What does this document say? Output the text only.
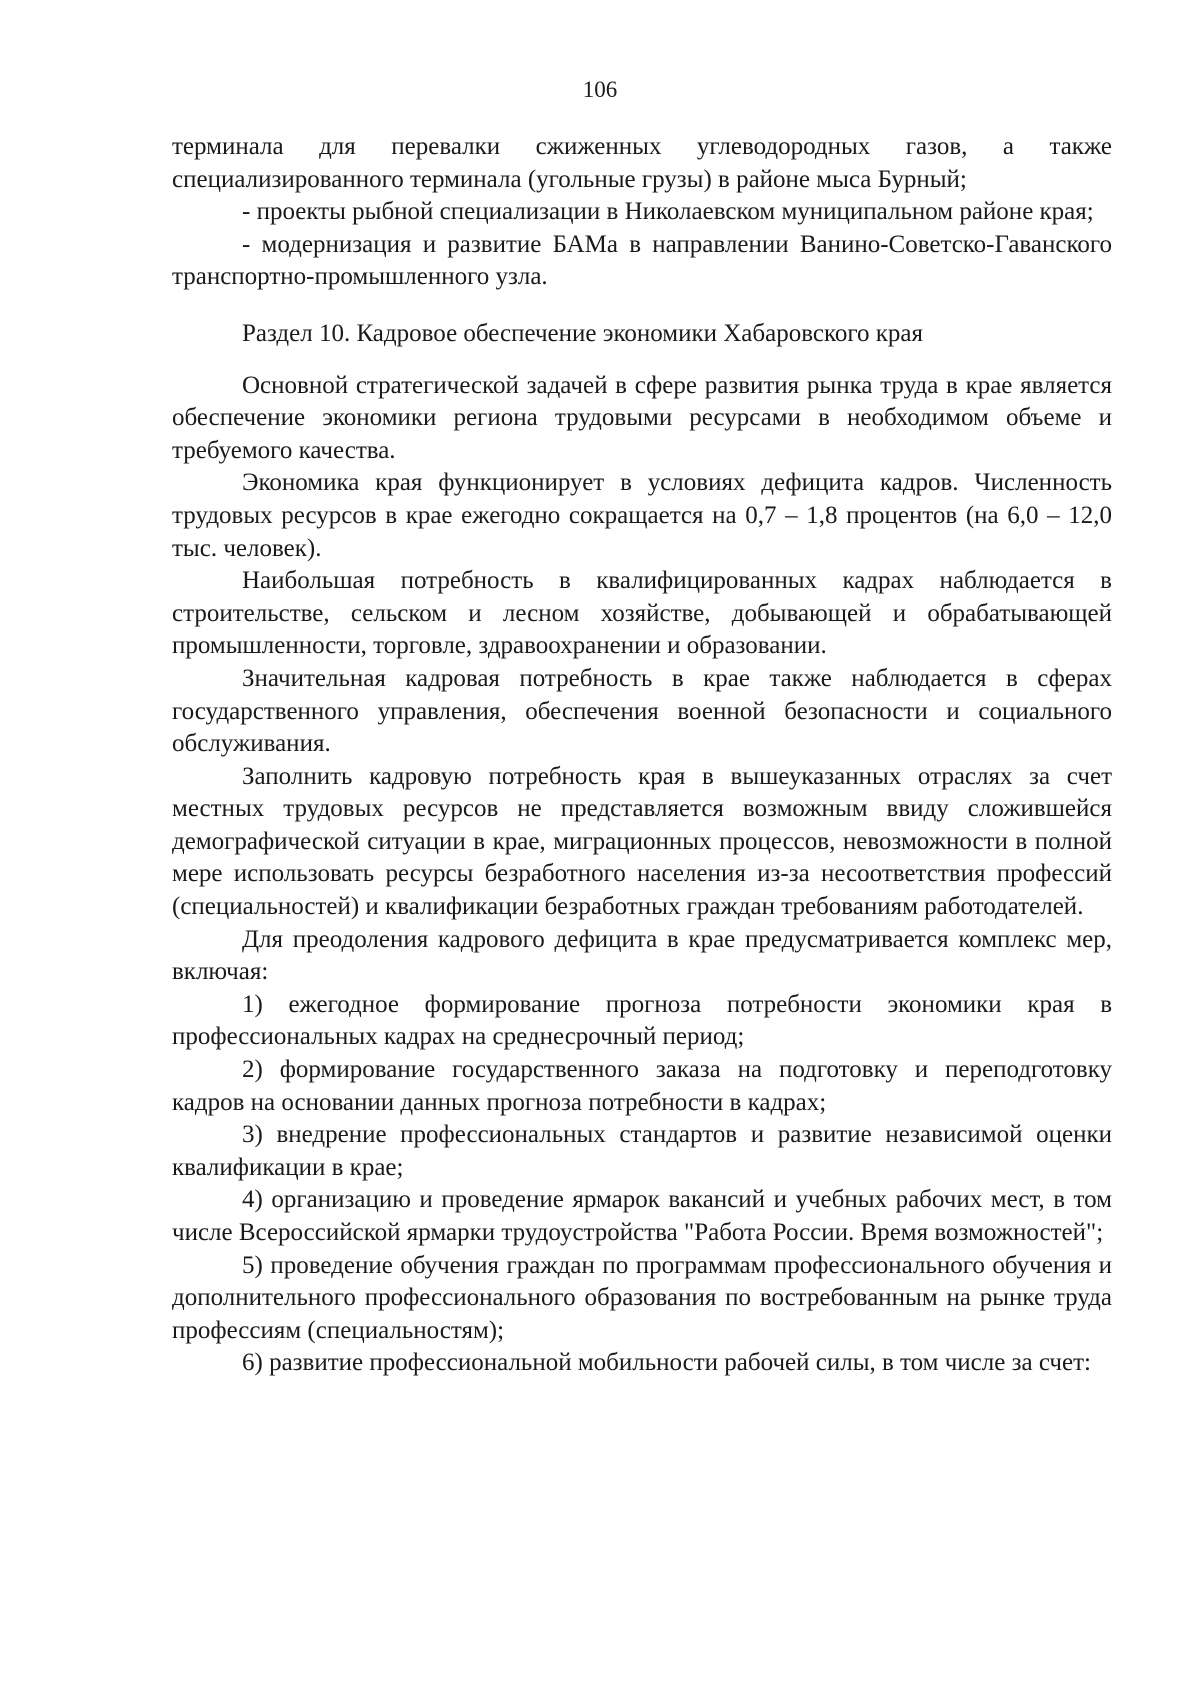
106

терминала для перевалки сжиженных углеводородных газов, а также специализированного терминала (угольные грузы) в районе мыса Бурный;

- проекты рыбной специализации в Николаевском муниципальном районе края;

- модернизация и развитие БАМа в направлении Ванино-Советско-Гаванского транспортно-промышленного узла.

Раздел 10. Кадровое обеспечение экономики Хабаровского края

Основной стратегической задачей в сфере развития рынка труда в крае является обеспечение экономики региона трудовыми ресурсами в необходимом объеме и требуемого качества.

Экономика края функционирует в условиях дефицита кадров. Численность трудовых ресурсов в крае ежегодно сокращается на 0,7 – 1,8 процентов (на 6,0 – 12,0 тыс. человек).

Наибольшая потребность в квалифицированных кадрах наблюдается в строительстве, сельском и лесном хозяйстве, добывающей и обрабатывающей промышленности, торговле, здравоохранении и образовании.

Значительная кадровая потребность в крае также наблюдается в сферах государственного управления, обеспечения военной безопасности и социального обслуживания.

Заполнить кадровую потребность края в вышеуказанных отраслях за счет местных трудовых ресурсов не представляется возможным ввиду сложившейся демографической ситуации в крае, миграционных процессов, невозможности в полной мере использовать ресурсы безработного населения из-за несоответствия профессий (специальностей) и квалификации безработных граждан требованиям работодателей.

Для преодоления кадрового дефицита в крае предусматривается комплекс мер, включая:

1) ежегодное формирование прогноза потребности экономики края в профессиональных кадрах на среднесрочный период;

2) формирование государственного заказа на подготовку и переподготовку кадров на основании данных прогноза потребности в кадрах;

3) внедрение профессиональных стандартов и развитие независимой оценки квалификации в крае;

4) организацию и проведение ярмарок вакансий и учебных рабочих мест, в том числе Всероссийской ярмарки трудоустройства "Работа России. Время возможностей";

5) проведение обучения граждан по программам профессионального обучения и дополнительного профессионального образования по востребованным на рынке труда профессиям (специальностям);

6) развитие профессиональной мобильности рабочей силы, в том числе за счет:
